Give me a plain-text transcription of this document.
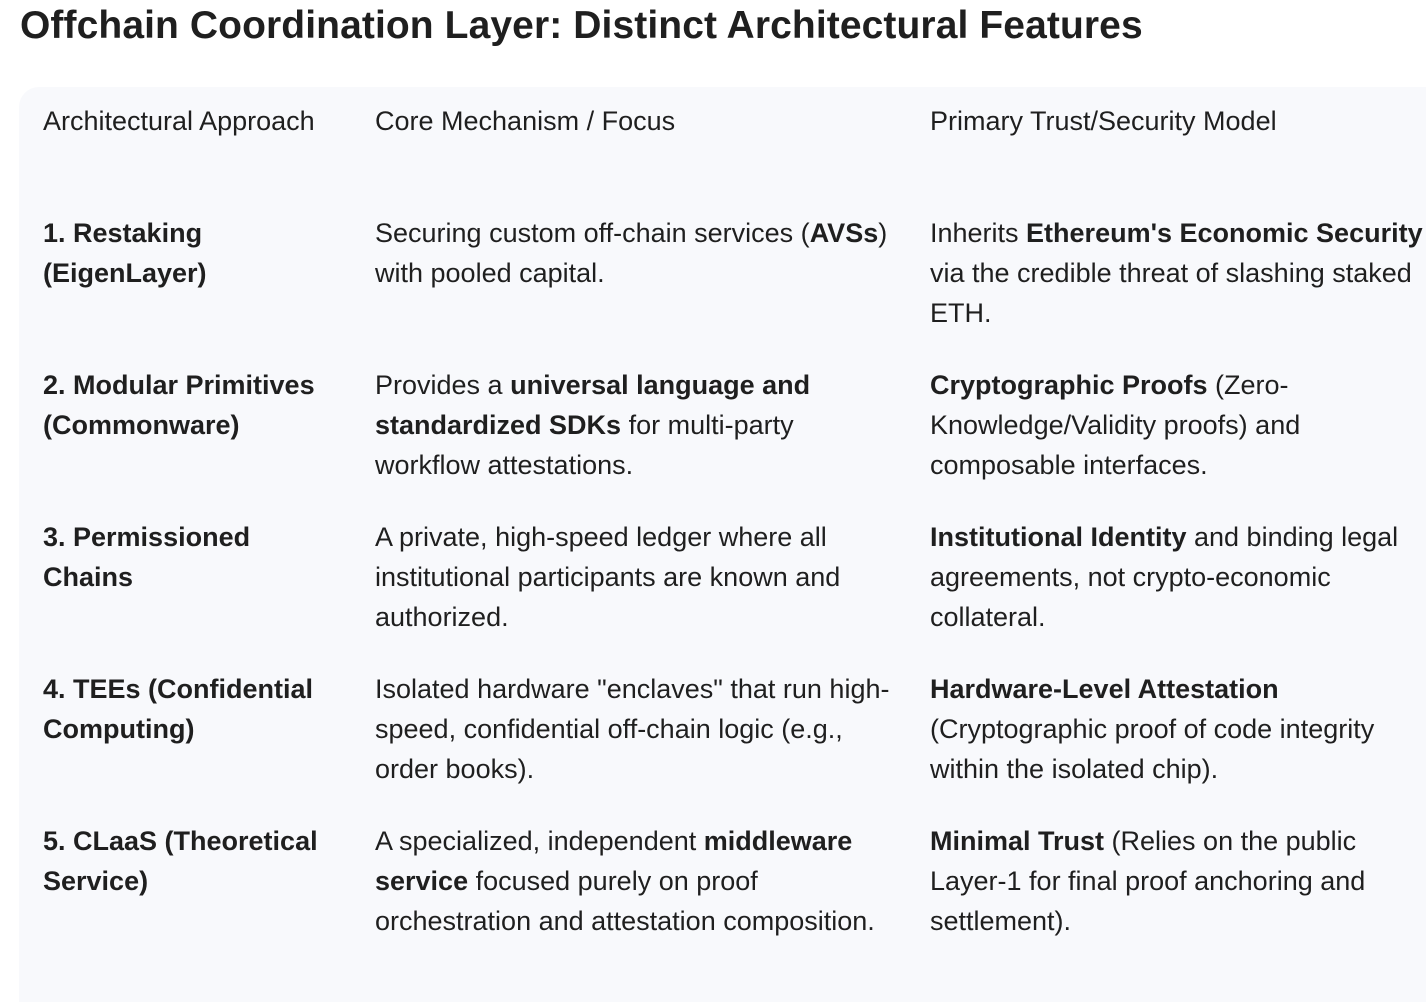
Offchain Coordination Layer: Distinct Architectural Features
Architectural Approach	Core Mechanism / Focus	Primary Trust/Security Model
1. Restaking (EigenLayer)
Securing custom off-chain services (AVSs) with pooled capital.
Inherits Ethereum's Economic Security via the credible threat of slashing staked ETH.
2. Modular Primitives (Commonware)
Provides a universal language and standardized SDKs for multi-party workflow attestations.
Cryptographic Proofs (Zero-Knowledge/Validity proofs) and composable interfaces.
3. Permissioned Chains
A private, high-speed ledger where all institutional participants are known and authorized.
Institutional Identity and binding legal agreements, not crypto-economic collateral.
4. TEEs (Confidential Computing)
Isolated hardware "enclaves" that run high-speed, confidential off-chain logic (e.g., order books).
Hardware-Level Attestation (Cryptographic proof of code integrity within the isolated chip).
5. CLaaS (Theoretical Service)
A specialized, independent middleware service focused purely on proof orchestration and attestation composition.
Minimal Trust (Relies on the public Layer-1 for final proof anchoring and settlement).
